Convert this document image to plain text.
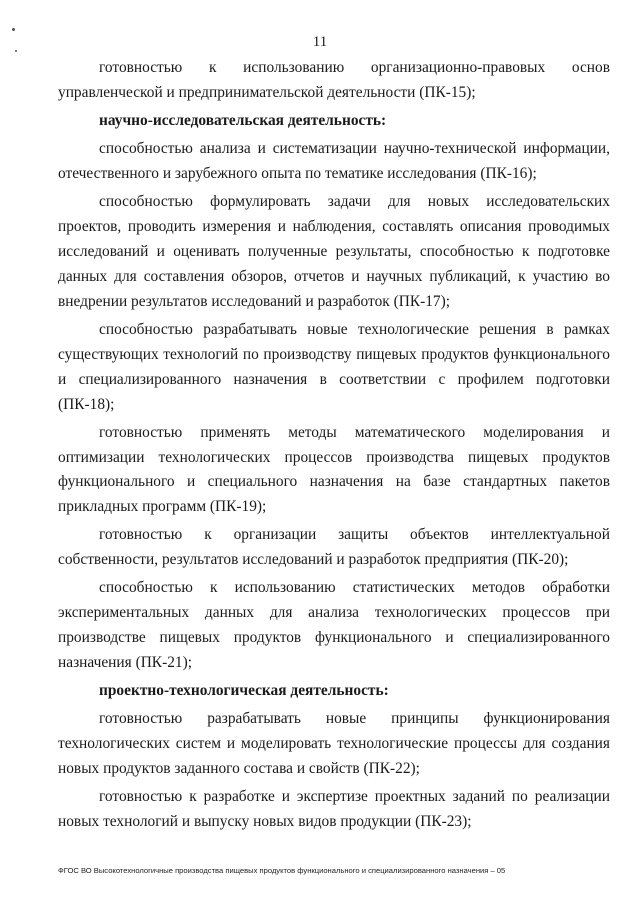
11

готовностью к использованию организационно-правовых основ управленческой и предпринимательской деятельности (ПК-15);

научно-исследовательская деятельность:

способностью анализа и систематизации научно-технической информации, отечественного и зарубежного опыта по тематике исследования (ПК-16);

способностью формулировать задачи для новых исследовательских проектов, проводить измерения и наблюдения, составлять описания проводимых исследований и оценивать полученные результаты, способностью к подготовке данных для составления обзоров, отчетов и научных публикаций, к участию во внедрении результатов исследований и разработок (ПК-17);

способностью разрабатывать новые технологические решения в рамках существующих технологий по производству пищевых продуктов функционального и специализированного назначения в соответствии с профилем подготовки (ПК-18);

готовностью применять методы математического моделирования и оптимизации технологических процессов производства пищевых продуктов функционального и специального назначения на базе стандартных пакетов прикладных программ (ПК-19);

готовностью к организации защиты объектов интеллектуальной собственности, результатов исследований и разработок предприятия (ПК-20);

способностью к использованию статистических методов обработки экспериментальных данных для анализа технологических процессов при производстве пищевых продуктов функционального и специализированного назначения (ПК-21);

проектно-технологическая деятельность:

готовностью разрабатывать новые принципы функционирования технологических систем и моделировать технологические процессы для создания новых продуктов заданного состава и свойств (ПК-22);

готовностью к разработке и экспертизе проектных заданий по реализации новых технологий и выпуску новых видов продукции (ПК-23);

ФГОС ВО Высокотехнологичные производства пищевых продуктов функционального и специализированного назначения – 05
